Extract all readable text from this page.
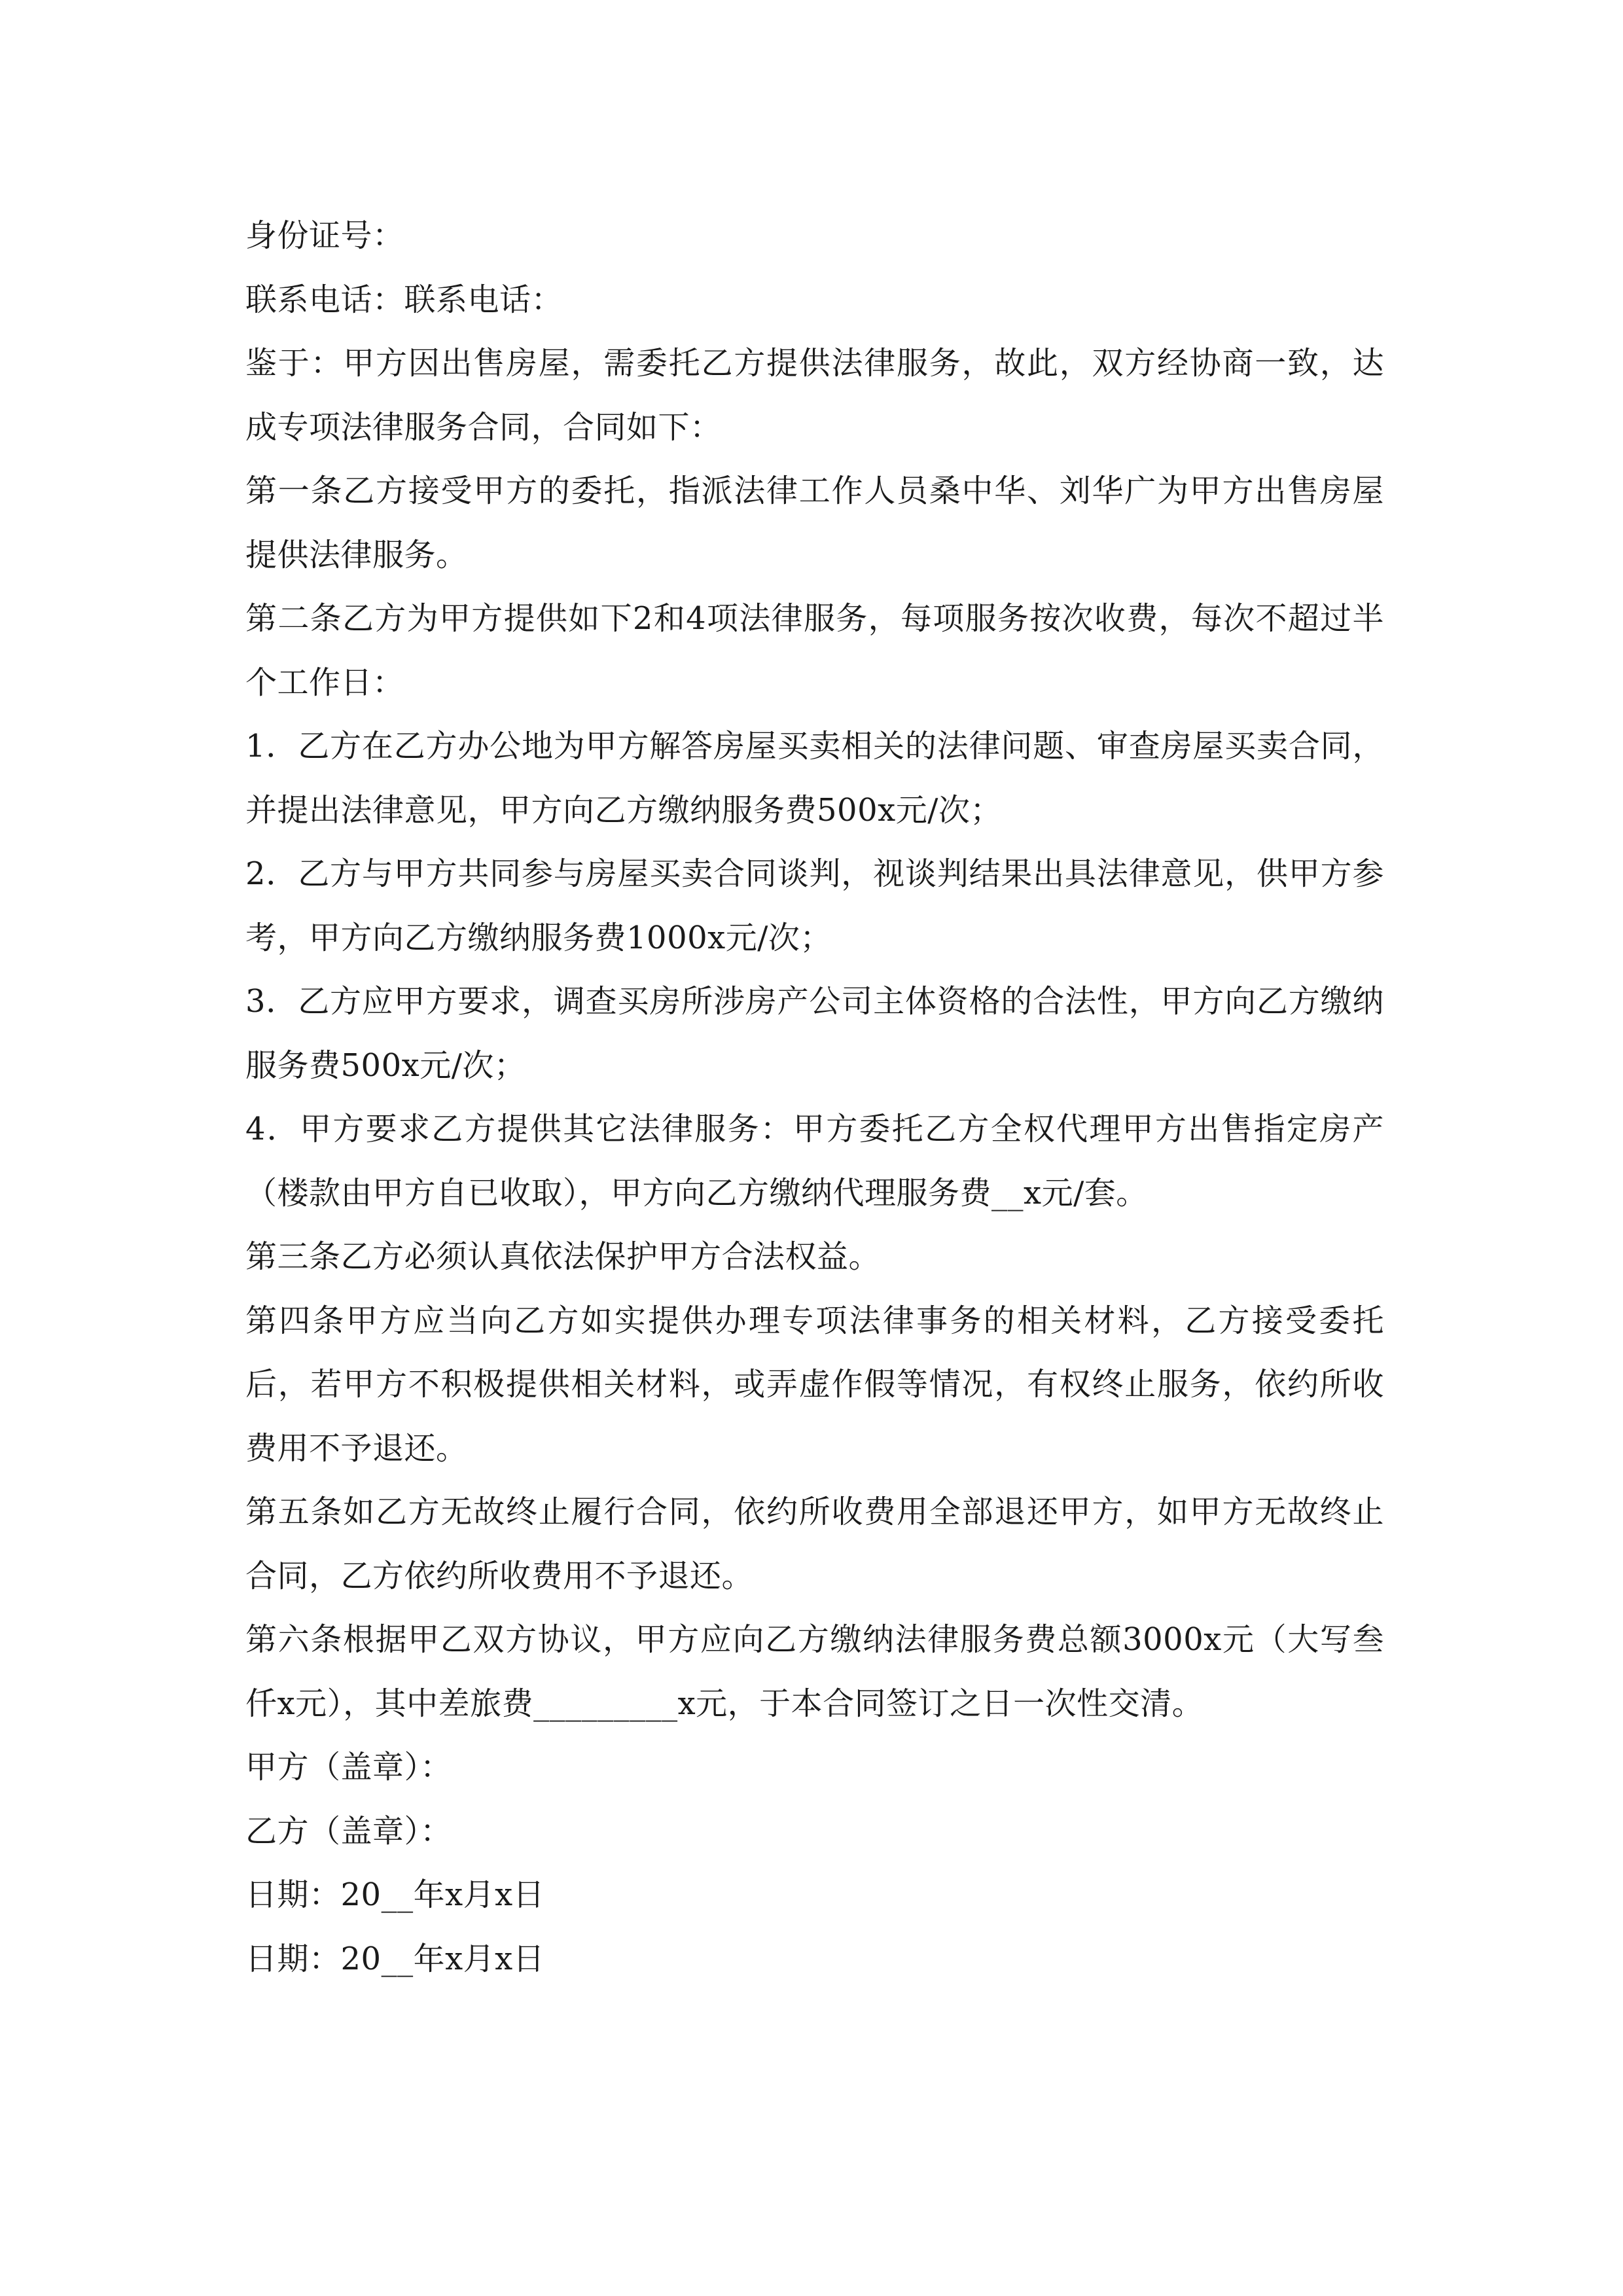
身份证号：

联系电话：联系电话：

鉴于：甲方因出售房屋，需委托乙方提供法律服务，故此，双方经协商一致，达成专项法律服务合同，合同如下：

第一条乙方接受甲方的委托，指派法律工作人员桑中华、刘华广为甲方出售房屋提供法律服务。

第二条乙方为甲方提供如下2和4项法律服务，每项服务按次收费，每次不超过半个工作日：

1．乙方在乙方办公地为甲方解答房屋买卖相关的法律问题、审查房屋买卖合同，并提出法律意见，甲方向乙方缴纳服务费500x元/次；

2．乙方与甲方共同参与房屋买卖合同谈判，视谈判结果出具法律意见，供甲方参考，甲方向乙方缴纳服务费1000x元/次；

3．乙方应甲方要求，调查买房所涉房产公司主体资格的合法性，甲方向乙方缴纳服务费500x元/次；

4．甲方要求乙方提供其它法律服务：甲方委托乙方全权代理甲方出售指定房产（楼款由甲方自已收取），甲方向乙方缴纳代理服务费__x元/套。

第三条乙方必须认真依法保护甲方合法权益。

第四条甲方应当向乙方如实提供办理专项法律事务的相关材料，乙方接受委托后，若甲方不积极提供相关材料，或弄虚作假等情况，有权终止服务，依约所收费用不予退还。

第五条如乙方无故终止履行合同，依约所收费用全部退还甲方，如甲方无故终止合同，乙方依约所收费用不予退还。

第六条根据甲乙双方协议，甲方应向乙方缴纳法律服务费总额3000x元（大写叁仟x元），其中差旅费_________x元，于本合同签订之日一次性交清。

甲方（盖章）：

乙方（盖章）：

日期：20__年x月x日

日期：20__年x月x日
